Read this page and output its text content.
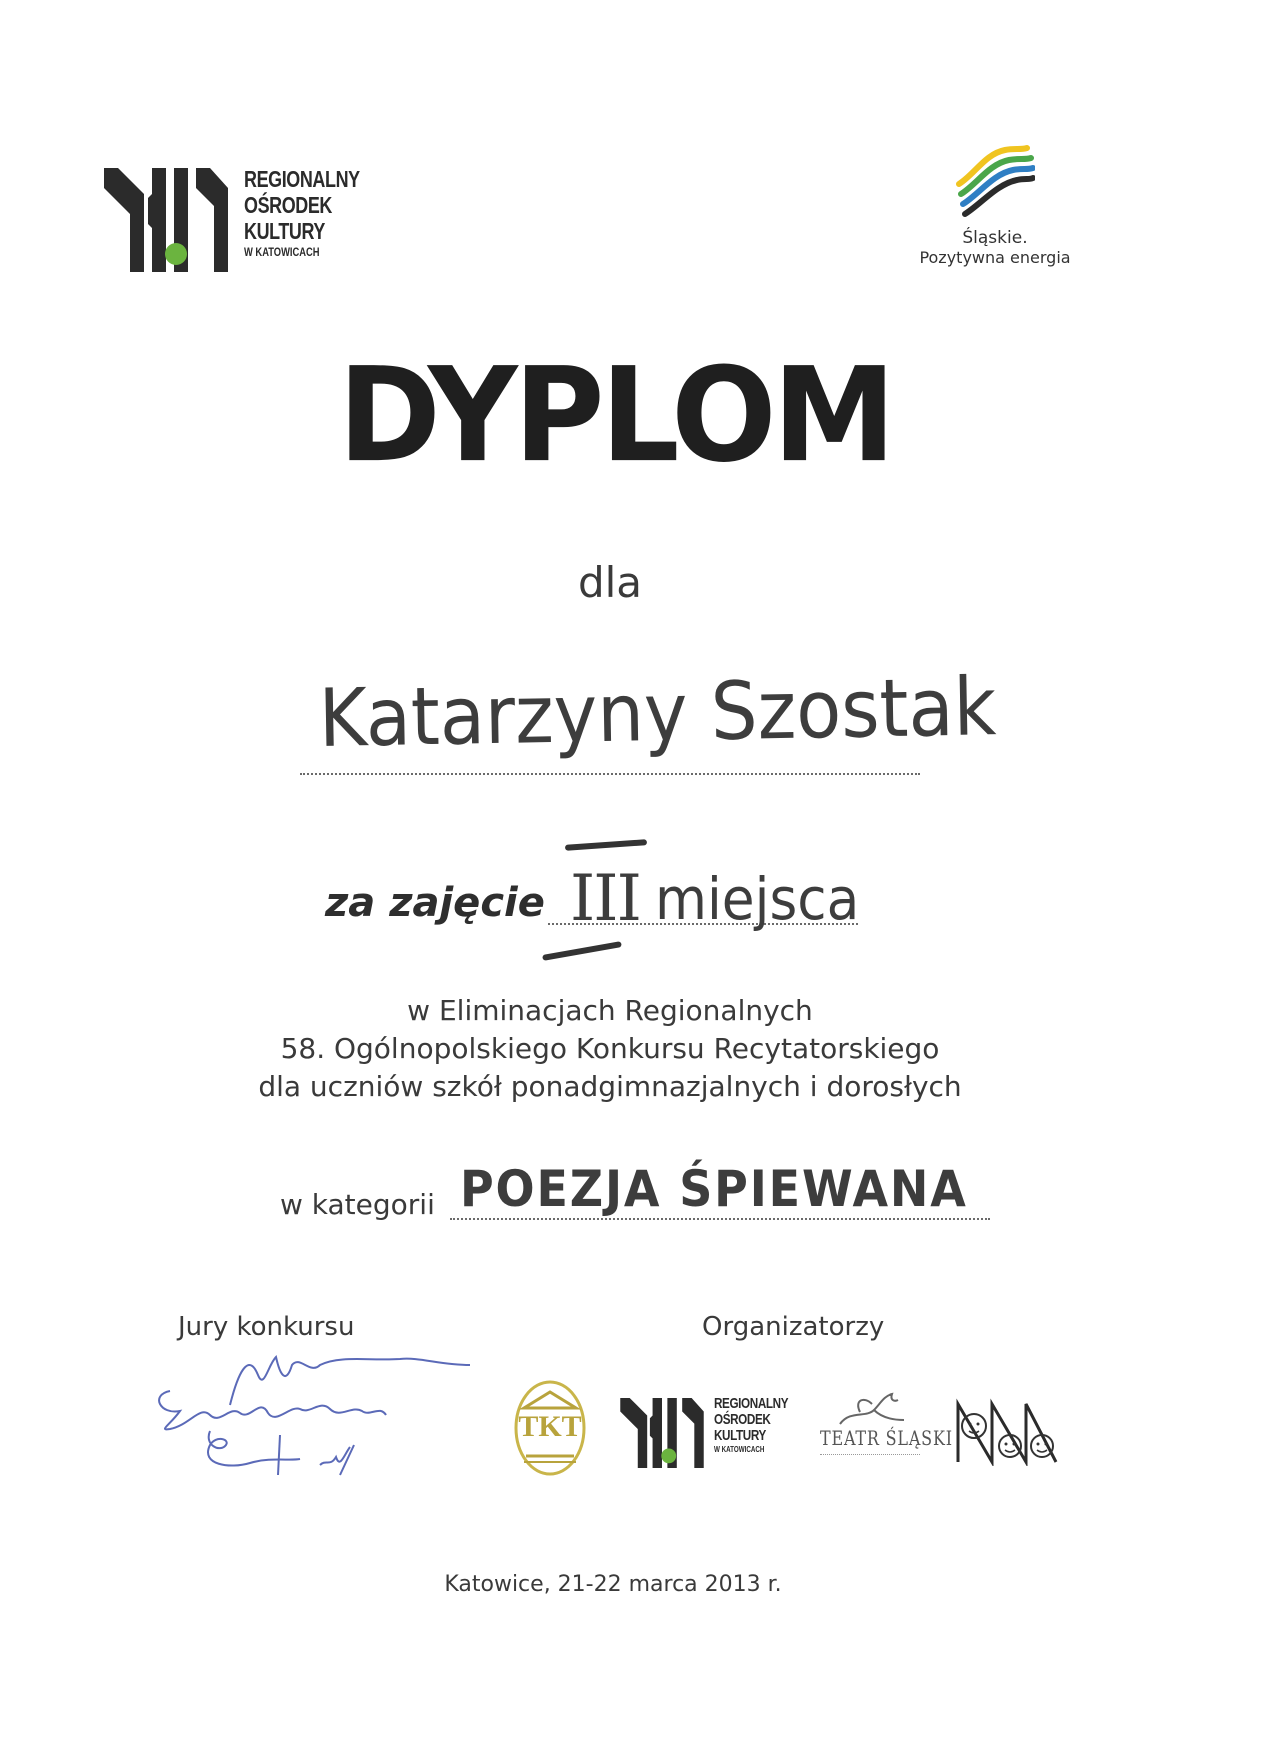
REGIONALNY
OŚRODEK
KULTURY
W KATOWICACH
Śląskie.
Pozytywna energia
DYPLOM
dla
Katarzyny Szostak
za zajęcie III miejsca
w Eliminacjach Regionalnych
58. Ogólnopolskiego Konkursu Recytatorskiego
dla uczniów szkół ponadgimnazjalnych i dorosłych
w kategorii POEZJA ŚPIEWANA
Jury konkursu	Organizatorzy
TKT
REGIONALNY
OŚRODEK
KULTURY
W KATOWICACH	TEATR ŚLĄSKI
Katowice, 21-22 marca 2013 r.
